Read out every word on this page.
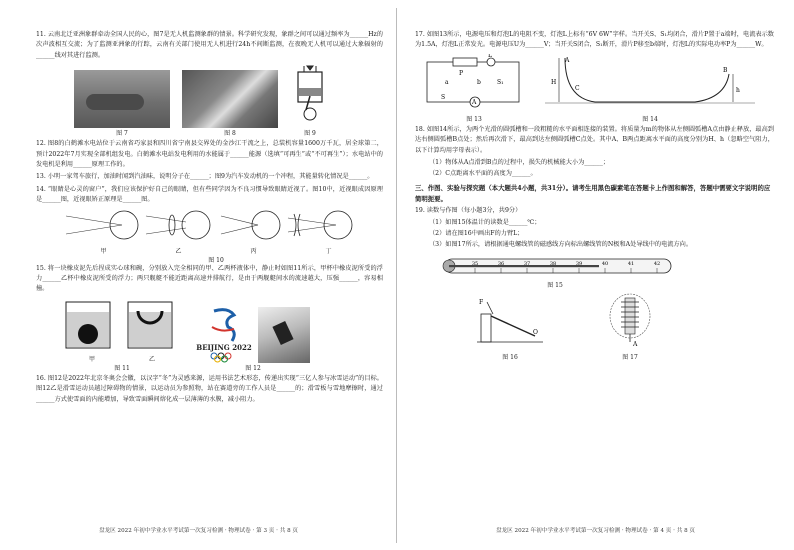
11. 云南北迁亚洲象群牵动全国人民的心，图7是无人机监测象群的情景。科学研究发现，象群之间可以通过频率为______Hz的次声波相互交流；为了监测亚洲象的行踪，云南有关部门使用无人机进行24h不间断监测，在夜晚无人机可以通过大象辐射的______线对其进行监测。

图 7	图 8	图 9

12. 图8的白鹤滩水电站位于云南省巧家县和四川省宁南县交界处的金沙江干流之上，总装机容量1600万千瓦，居全球第二，预计2022年7月实现全部机组发电。白鹤滩水电站发电利用的水能属于______能源（选填“可再生”或“不可再生”）；水电站中的发电机是利用______原理工作的。

13. 小明一家驾车旅行，加油时闻到汽油味，说明分子在______；图9为汽车发动机的一个冲程，其能量转化情况是______。

14. “眼睛是心灵的窗户”，我们应该保护好自己的眼睛，但有些同学因为不良习惯导致眼睛近视了。图10中，近视眼成因原理是______图，近视眼矫正原理是______图。

甲	乙	丙	丁
图 10

15. 将一块橡皮泥先后捏成实心球和碗，分别放入完全相同的甲、乙两杯液体中，静止时如图11所示，甲杯中橡皮泥所受的浮力______乙杯中橡皮泥所受的浮力；两只舰艇不能近距离高速并排航行，是由于两舰艇间水的流速越大，压强______，容易相撞。

甲	乙
图 11
BEIJING 2022
图 12

16. 图12是2022年北京冬奥会会徽，以汉字“冬”为灵感来源，运用书法艺术形态，传递出实现“三亿人参与冰雪运动”的目标。图12乙是滑雪运动员越过障碍物的情景，以运动员为参照物，站在赛道旁的工作人员是______的；滑雪板与雪地摩擦时，通过______方式使雪面的内能增加，导致雪面瞬间熔化成一层薄薄的水膜，减小阻力。

盘龙区 2022 年初中学业水平考试第一次复习检测 · 物理试卷 · 第 3 页 · 共 8 页

17. 如图13所示，电源电压和灯泡L的电阻不变，灯泡L上标有“6V 6W”字样。当开关S、S₁均闭合，滑片P置于a端时，电流表示数为1.5A，灯泡L正常发光。电源电压U为______V；当开关S闭合，S₁断开，滑片P移至b端时，灯泡L的实际电功率P为______W。

L
P
a	b
S
S₁
A
图 13
A
H
C
B
h
图 14

18. 如图14所示，为两个光滑的圆弧槽和一段粗糙的水平面相连接的装置。将质量为m的物体从左侧圆弧槽A点由静止释放，最高到达右侧圆弧槽B点处；然后再次滑下，最高到达左侧圆弧槽C点处。其中A、B两点距离水平面的高度分别为H、h（忽略空气阻力，以下计算均用字母表示）。

（1）物体从A点滑到B点的过程中，损失的机械能大小为______；

（2）C点距离水平面的高度为______。

三、作图、实验与探究题（本大题共4小题，共31分）。请考生用黑色碳素笔在答题卡上作图和解答，答题中需要文字说明的应简明扼要。

19. 读数与作图（每小题3分，共9分）

（1）如图15体温计的读数是______℃；

（2）请在图16中画出F的力臂L；

（3）如图17所示，请根据通电螺线管的磁感线方向标出螺线管的N极和A处导线中的电流方向。

35	36	37	38	39	40	41	42
图 15
F
O
图 16
A
图 17
盘龙区 2022 年初中学业水平考试第一次复习检测 · 物理试卷 · 第 4 页 · 共 8 页
